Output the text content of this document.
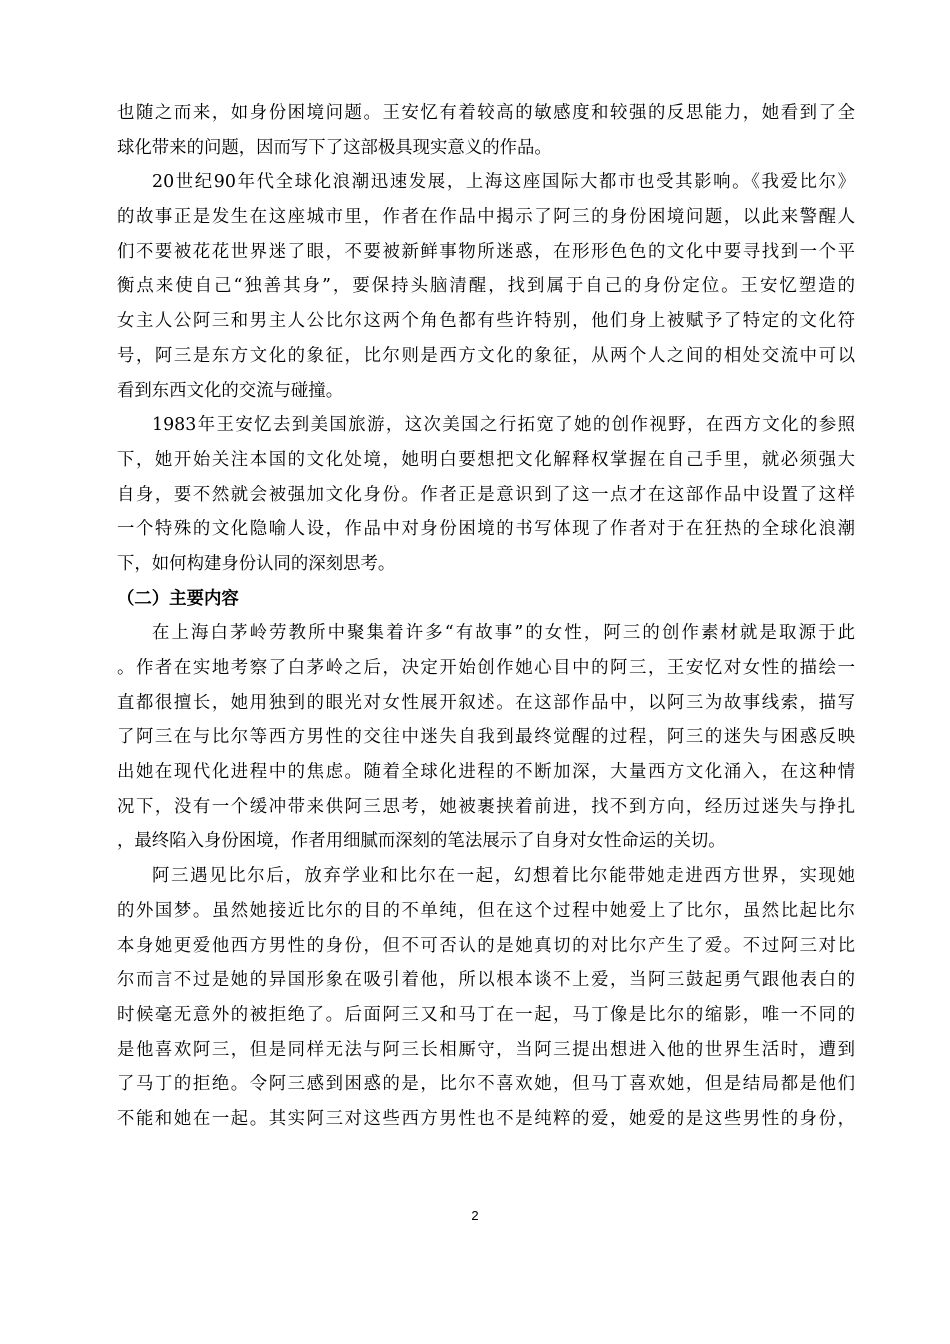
也随之而来，如身份困境问题。王安忆有着较高的敏感度和较强的反思能力，她看到了全
球化带来的问题，因而写下了这部极具现实意义的作品。
20世纪90年代全球化浪潮迅速发展，上海这座国际大都市也受其影响。《我爱比尔》
的故事正是发生在这座城市里，作者在作品中揭示了阿三的身份困境问题，以此来警醒人
们不要被花花世界迷了眼，不要被新鲜事物所迷惑，在形形色色的文化中要寻找到一个平
衡点来使自己“独善其身”，要保持头脑清醒，找到属于自己的身份定位。王安忆塑造的
女主人公阿三和男主人公比尔这两个角色都有些许特别，他们身上被赋予了特定的文化符
号，阿三是东方文化的象征，比尔则是西方文化的象征，从两个人之间的相处交流中可以
看到东西文化的交流与碰撞。
1983年王安忆去到美国旅游，这次美国之行拓宽了她的创作视野，在西方文化的参照
下，她开始关注本国的文化处境，她明白要想把文化解释权掌握在自己手里，就必须强大
自身，要不然就会被强加文化身份。作者正是意识到了这一点才在这部作品中设置了这样
一个特殊的文化隐喻人设，作品中对身份困境的书写体现了作者对于在狂热的全球化浪潮
下，如何构建身份认同的深刻思考。
（二）主要内容
在上海白茅岭劳教所中聚集着许多“有故事”的女性，阿三的创作素材就是取源于此
。作者在实地考察了白茅岭之后，决定开始创作她心目中的阿三，王安忆对女性的描绘一
直都很擅长，她用独到的眼光对女性展开叙述。在这部作品中，以阿三为故事线索，描写
了阿三在与比尔等西方男性的交往中迷失自我到最终觉醒的过程，阿三的迷失与困惑反映
出她在现代化进程中的焦虑。随着全球化进程的不断加深，大量西方文化涌入，在这种情
况下，没有一个缓冲带来供阿三思考，她被裹挟着前进，找不到方向，经历过迷失与挣扎
，最终陷入身份困境，作者用细腻而深刻的笔法展示了自身对女性命运的关切。
阿三遇见比尔后，放弃学业和比尔在一起，幻想着比尔能带她走进西方世界，实现她
的外国梦。虽然她接近比尔的目的不单纯，但在这个过程中她爱上了比尔，虽然比起比尔
本身她更爱他西方男性的身份，但不可否认的是她真切的对比尔产生了爱。不过阿三对比
尔而言不过是她的异国形象在吸引着他，所以根本谈不上爱，当阿三鼓起勇气跟他表白的
时候毫无意外的被拒绝了。后面阿三又和马丁在一起，马丁像是比尔的缩影，唯一不同的
是他喜欢阿三，但是同样无法与阿三长相厮守，当阿三提出想进入他的世界生活时，遭到
了马丁的拒绝。令阿三感到困惑的是，比尔不喜欢她，但马丁喜欢她，但是结局都是他们
不能和她在一起。其实阿三对这些西方男性也不是纯粹的爱，她爱的是这些男性的身份，
2
